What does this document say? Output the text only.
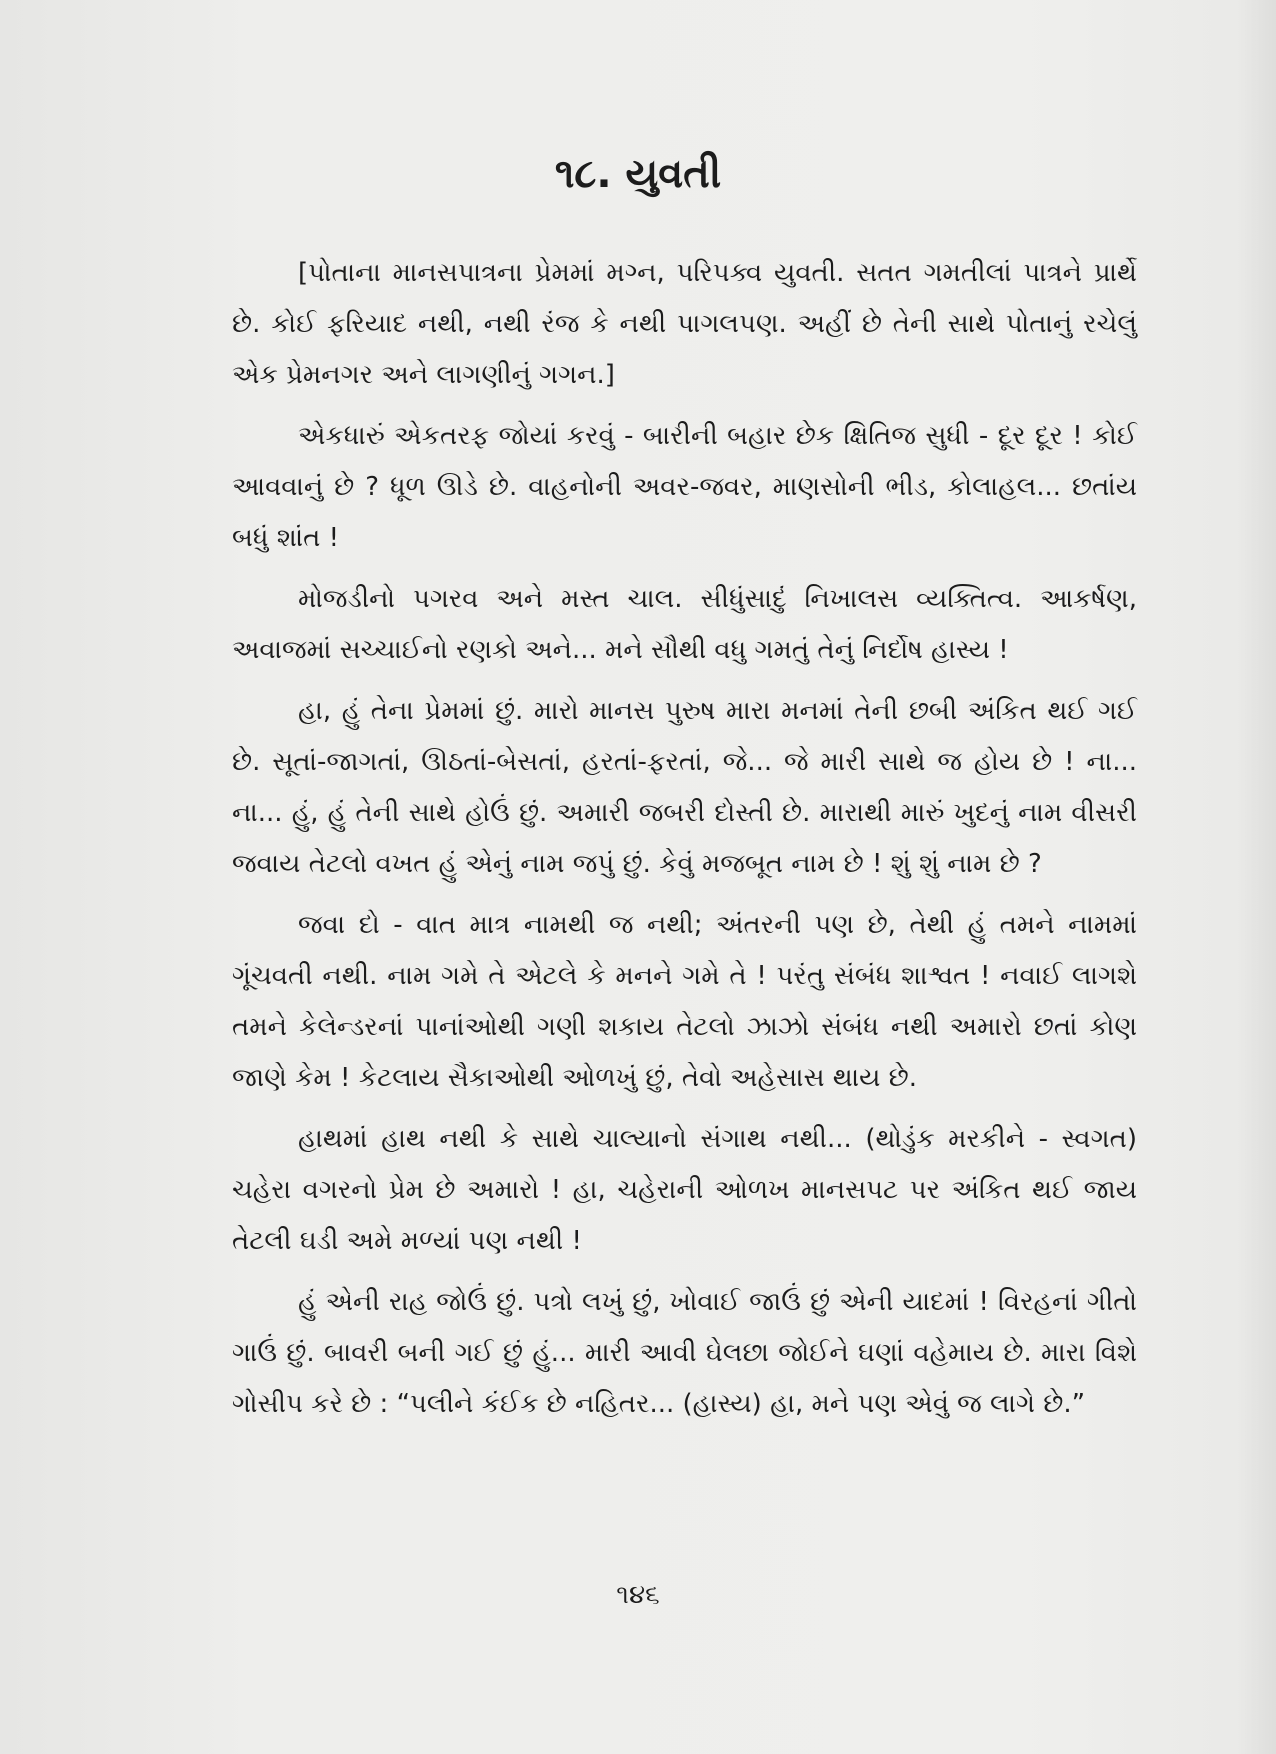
૧૮. યુવતી

[પોતાના માનસપાત્રના પ્રેમમાં મગ્ન, પરિપક્વ યુવતી. સતત ગમતીલાં પાત્રને પ્રાર્થે છે. કોઈ ફરિયાદ નથી, નથી રંજ કે નથી પાગલપણ. અહીં છે તેની સાથે પોતાનું રચેલું એક પ્રેમનગર અને લાગણીનું ગગન.]

એકધારું એકતરફ જોયાં કરવું - બારીની બહાર છેક ક્ષિતિજ સુધી - દૂર દૂર ! કોઈ આવવાનું છે ? ધૂળ ઊડે છે. વાહનોની અવર-જવર, માણસોની ભીડ, કોલાહલ... છતાંય બધું શાંત !

મોજડીનો પગરવ અને મસ્ત ચાલ. સીધુંસાદું નિખાલસ વ્યક્તિત્વ. આકર્ષણ, અવાજમાં સચ્ચાઈનો રણકો અને... મને સૌથી વધુ ગમતું તેનું નિર્દોષ હાસ્ય !

હા, હું તેના પ્રેમમાં છું. મારો માનસ પુરુષ મારા મનમાં તેની છબી અંકિત થઈ ગઈ છે. સૂતાં-જાગતાં, ઊઠતાં-બેસતાં, હરતાં-ફરતાં, જે... જે મારી સાથે જ હોય છે ! ના... ના... હું, હું તેની સાથે હોઉં છું. અમારી જબરી દોસ્તી છે. મારાથી મારું ખુદનું નામ વીસરી જવાય તેટલો વખત હું એનું નામ જપું છું. કેવું મજબૂત નામ છે ! શું શું નામ છે ?

જવા દો - વાત માત્ર નામથી જ નથી; અંતરની પણ છે, તેથી હું તમને નામમાં ગૂંચવતી નથી. નામ ગમે તે એટલે કે મનને ગમે તે ! પરંતુ સંબંધ શાશ્વત ! નવાઈ લાગશે તમને કેલેન્ડરનાં પાનાંઓથી ગણી શકાય તેટલો ઝાઝો સંબંધ નથી અમારો છતાં કોણ જાણે કેમ ! કેટલાય સૈકાઓથી ઓળખું છું, તેવો અહેસાસ થાય છે.

હાથમાં હાથ નથી કે સાથે ચાલ્યાનો સંગાથ નથી... (થોડુંક મરકીને - સ્વગત) ચહેરા વગરનો પ્રેમ છે અમારો ! હા, ચહેરાની ઓળખ માનસપટ પર અંકિત થઈ જાય તેટલી ઘડી અમે મળ્યાં પણ નથી !

હું એની રાહ જોઉં છું. પત્રો લખું છું, ખોવાઈ જાઉં છું એની યાદમાં ! વિરહનાં ગીતો ગાઉં છું. બાવરી બની ગઈ છું હું... મારી આવી ઘેલછા જોઈને ઘણાં વહેમાય છે. મારા વિશે ગોસીપ કરે છે : “પલીને કંઈક છે નહિતર... (હાસ્ય) હા, મને પણ એવું જ લાગે છે.”

૧૪૬
